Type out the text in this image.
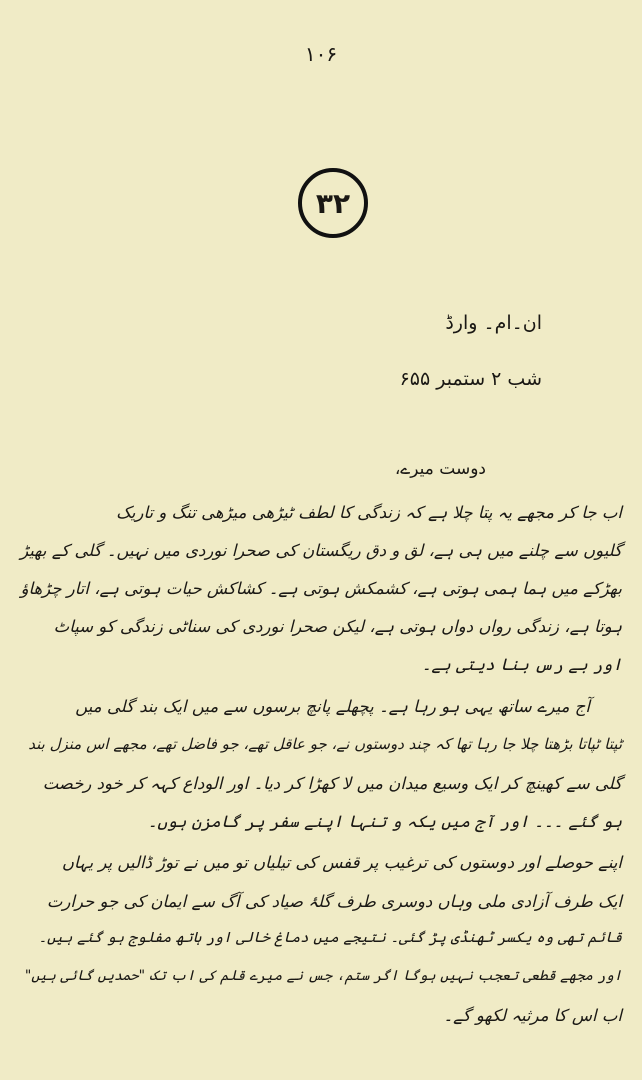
۱۰۶
۳۲
ان۔ام۔ وارڈ
شب ۲ ستمبر ۶۵۵
دوست میرے،
اب جا کر مجھے یہ پتا چلا ہے کہ زندگی کا لطف ٹیڑھی میڑھی تنگ و تاریک
گلیوں سے چلنے میں ہی ہے، لق و دق ریگستان کی صحرا نوردی میں نہیں۔ گلی کے بھیڑ
بھڑکے میں ہما ہمی ہوتی ہے، کشمکش ہوتی ہے۔ کشاکش حیات ہوتی ہے، اتار چڑھاؤ
ہوتا ہے، زندگی رواں دواں ہوتی ہے، لیکن صحرا نوردی کی سناٹی زندگی کو سپاٹ
اور بے رس بنا دیتی ہے۔
آج میرے ساتھ یہی ہو رہا ہے۔ پچھلے پانچ برسوں سے میں ایک بند گلی میں
ٹپتا ٹپاتا بڑھتا چلا جا رہا تھا کہ چند دوستوں نے، جو عاقل تھے، جو فاضل تھے، مجھے اس منزل بند
گلی سے کھینچ کر ایک وسیع میدان میں لا کھڑا کر دیا۔ اور الوداع کہہ کر خود رخصت
ہو گئے ۔۔۔ اور آج میں یکہ و تنہا اپنے سفر پر گامزن ہوں۔
اپنے حوصلے اور دوستوں کی ترغیب پر قفس کی تیلیاں تو میں نے توڑ ڈالیں پر یہاں
ایک طرف آزادی ملی وہاں دوسری طرف گلۂ صیاد کی آگ سے ایمان کی جو حرارت
قائم تھی وہ یکسر ٹھنڈی پڑ گئی۔ نتیجے میں دماغ خالی اور ہاتھ مفلوج ہو گئے ہیں۔
اور مجھے قطعی تعجب نہیں ہوگا اگر ستم، جس نے میرے قلم کی اب تک "حمدیں گائی ہیں"
اب اس کا مرثیہ لکھو گے۔
